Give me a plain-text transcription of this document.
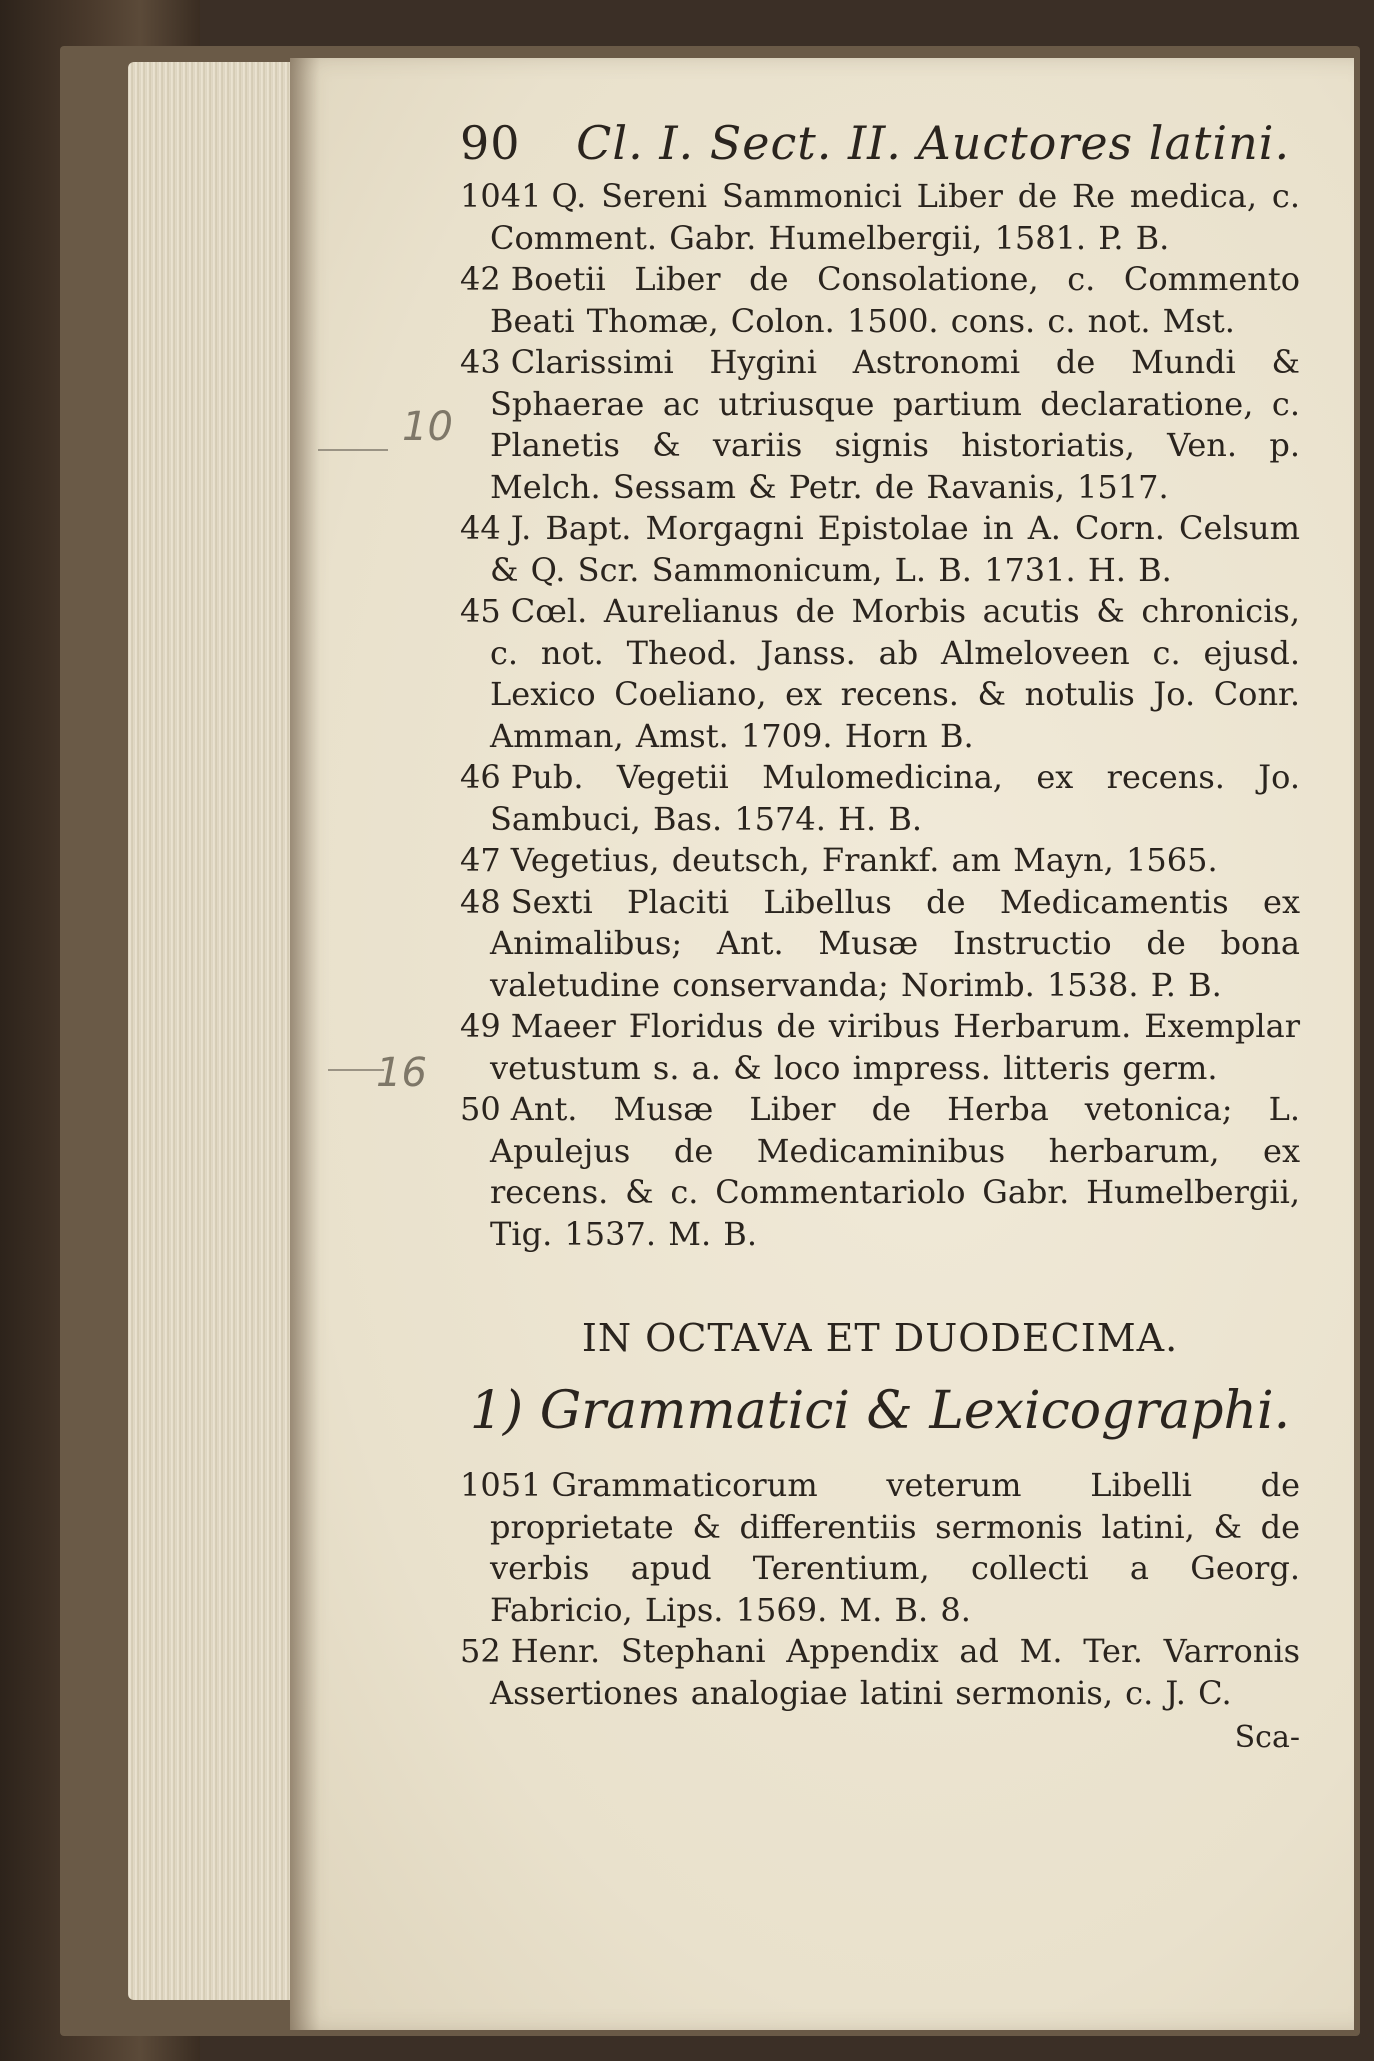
10
16
90 Cl. I. Sect. II. Auctores latini.
1041 Q. Sereni Sammonici Liber de Re medica, c. Comment. Gabr. Humelbergii, 1581. P. B.
42 Boetii Liber de Consolatione, c. Commento Beati Thomæ, Colon. 1500. cons. c. not. Mst.
43 Clarissimi Hygini Astronomi de Mundi & Sphaerae ac utriusque partium declaratione, c. Planetis & variis signis historiatis, Ven. p. Melch. Sessam & Petr. de Ravanis, 1517.
44 J. Bapt. Morgagni Epistolae in A. Corn. Celsum & Q. Scr. Sammonicum, L. B. 1731. H. B.
45 Cœl. Aurelianus de Morbis acutis & chronicis, c. not. Theod. Janss. ab Almeloveen c. ejusd. Lexico Coeliano, ex recens. & notulis Jo. Conr. Amman, Amst. 1709. Horn B.
46 Pub. Vegetii Mulomedicina, ex recens. Jo. Sambuci, Bas. 1574. H. B.
47 Vegetius, deutsch, Frankf. am Mayn, 1565.
48 Sexti Placiti Libellus de Medicamentis ex Animalibus; Ant. Musæ Instructio de bona valetudine conservanda; Norimb. 1538. P. B.
49 Maeer Floridus de viribus Herbarum. Exemplar vetustum s. a. & loco impress. litteris germ.
50 Ant. Musæ Liber de Herba vetonica; L. Apulejus de Medicaminibus herbarum, ex recens. & c. Commentariolo Gabr. Humelbergii, Tig. 1537. M. B.
IN OCTAVA ET DUODECIMA.
1) Grammatici & Lexicographi.
1051 Grammaticorum veterum Libelli de proprietate & differentiis sermonis latini, & de verbis apud Terentium, collecti a Georg. Fabricio, Lips. 1569. M. B. 8.
52 Henr. Stephani Appendix ad M. Ter. Varronis Assertiones analogiae latini sermonis, c. J. C.
Sca-
